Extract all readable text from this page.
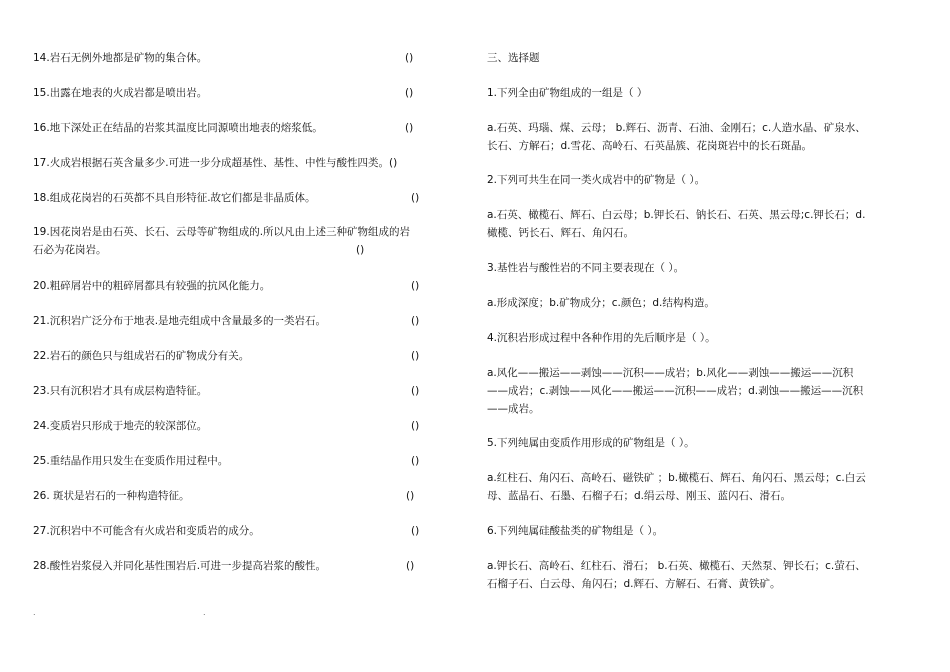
14.岩石无例外地都是矿物的集合体。	()
15.出露在地表的火成岩都是喷出岩。	()
16.地下深处正在结晶的岩浆其温度比同源喷出地表的熔浆低。	()
17.火成岩根据石英含量多少.可进一步分成超基性、基性、中性与酸性四类。()
18.组成花岗岩的石英都不具自形特征.故它们都是非晶质体。	()
19.因花岗岩是由石英、长石、云母等矿物组成的.所以凡由上述三种矿物组成的岩
石必为花岗岩。	()
20.粗碎屑岩中的粗碎屑都具有较强的抗风化能力。	()
21.沉积岩广泛分布于地表.是地壳组成中含量最多的一类岩石。	()
22.岩石的颜色只与组成岩石的矿物成分有关。	()
23.只有沉积岩才具有成层构造特征。	()
24.变质岩只形成于地壳的较深部位。	()
25.重结晶作用只发生在变质作用过程中。	()
26. 斑状是岩石的一种构造特征。	()
27.沉积岩中不可能含有火成岩和变质岩的成分。	()
28.酸性岩浆侵入并同化基性围岩后.可进一步提高岩浆的酸性。	()
三、选择题
1.下列全由矿物组成的一组是（ ）
a.石英、玛瑙、煤、云母； b.辉石、沥青、石油、金刚石；c.人造水晶、矿泉水、
长石、方解石；d.雪花、高岭石、石英晶簇、花岗斑岩中的长石斑晶。
2.下列可共生在同一类火成岩中的矿物是（ ）。
a.石英、橄榄石、辉石、白云母；b.钾长石、钠长石、石英、黑云母;c.钾长石；d.
橄榄、钙长石、辉石、角闪石。
3.基性岩与酸性岩的不同主要表现在（ ）。
a.形成深度；b.矿物成分；c.颜色；d.结构构造。
4.沉积岩形成过程中各种作用的先后顺序是（ ）。
a.风化——搬运——剥蚀——沉积——成岩；b.风化——剥蚀——搬运——沉积
——成岩；c.剥蚀——风化——搬运——沉积——成岩；d.剥蚀——搬运——沉积
——成岩。
5.下列纯属由变质作用形成的矿物组是（ ）。
a.红柱石、角闪石、高岭石、磁铁矿 ；b.橄榄石、辉石、角闪石、黑云母；c.白云
母、蓝晶石、石墨、石榴子石；d.绢云母、刚玉、蓝闪石、滑石。
6.下列纯属硅酸盐类的矿物组是（ ）。
a.钾长石、高岭石、红柱石、滑石； b.石英、橄榄石、天然泵、钾长石；c.萤石、
石榴子石、白云母、角闪石；d.辉石、方解石、石膏、黄铁矿。
.	.
